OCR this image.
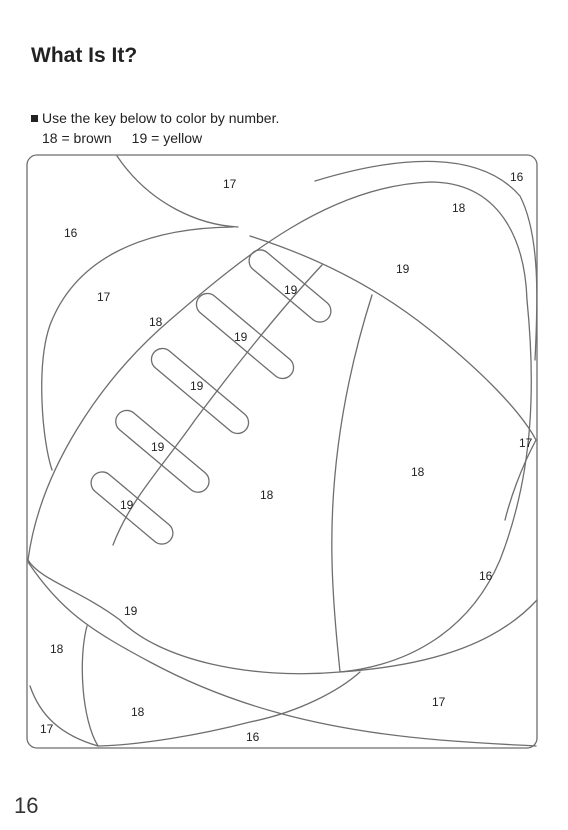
What Is It?
Use the key below to color by number.
18 = brown 19 = yellow
17	16
16
18
17
18
19
19
19
19
19
19
17
18
18
16
19
18
18
17
17
16
16
